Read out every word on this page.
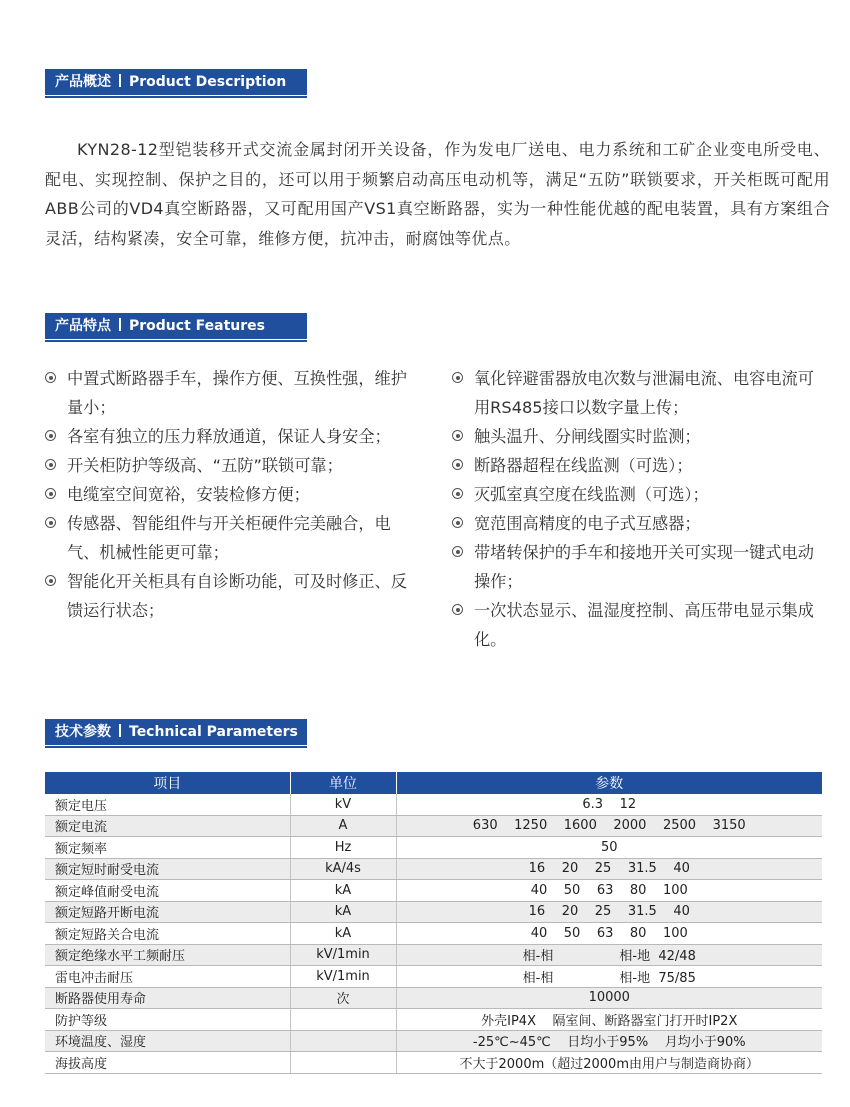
产品概述 Product Description

KYN28-12型铠装移开式交流金属封闭开关设备，作为发电厂送电、电力系统和工矿企业变电所受电、配电、实现控制、保护之目的，还可以用于频繁启动高压电动机等，满足“五防”联锁要求，开关柜既可配用ABB公司的VD4真空断路器，又可配用国产VS1真空断路器，实为一种性能优越的配电装置，具有方案组合灵活，结构紧凑，安全可靠，维修方便，抗冲击，耐腐蚀等优点。

产品特点 Product Features
中置式断路器手车，操作方便、互换性强，维护量小；
各室有独立的压力释放通道，保证人身安全；
开关柜防护等级高、“五防”联锁可靠；
电缆室空间宽裕，安装检修方便；
传感器、智能组件与开关柜硬件完美融合，电气、机械性能更可靠；
智能化开关柜具有自诊断功能，可及时修正、反馈运行状态；
氧化锌避雷器放电次数与泄漏电流、电容电流可用RS485接口以数字量上传；
触头温升、分闸线圈实时监测；
断路器超程在线监测（可选）；
灭弧室真空度在线监测（可选）；
宽范围高精度的电子式互感器；
带堵转保护的手车和接地开关可实现一键式电动操作；
一次状态显示、温湿度控制、高压带电显示集成化。
技术参数 Technical Parameters
项目	单位	参数
额定电压	kV	6.3    12
额定电流	A	630    1250    1600    2000    2500    3150
额定频率	Hz	50
额定短时耐受电流	kA/4s	16    20    25    31.5    40
额定峰值耐受电流	kA	40    50    63    80    100
额定短路开断电流	kA	16    20    25    31.5    40
额定短路关合电流	kA	40    50    63    80    100
额定绝缘水平工频耐压	kV/1min	相-相                相-地  42/48
雷电冲击耐压	kV/1min	相-相                相-地  75/85
断路器使用寿命	次	10000
防护等级		外壳IP4X    隔室间、断路器室门打开时IP2X
环境温度、湿度		-25℃~45℃    日均小于95%    月均小于90%
海拔高度		不大于2000m（超过2000m由用户与制造商协商）
